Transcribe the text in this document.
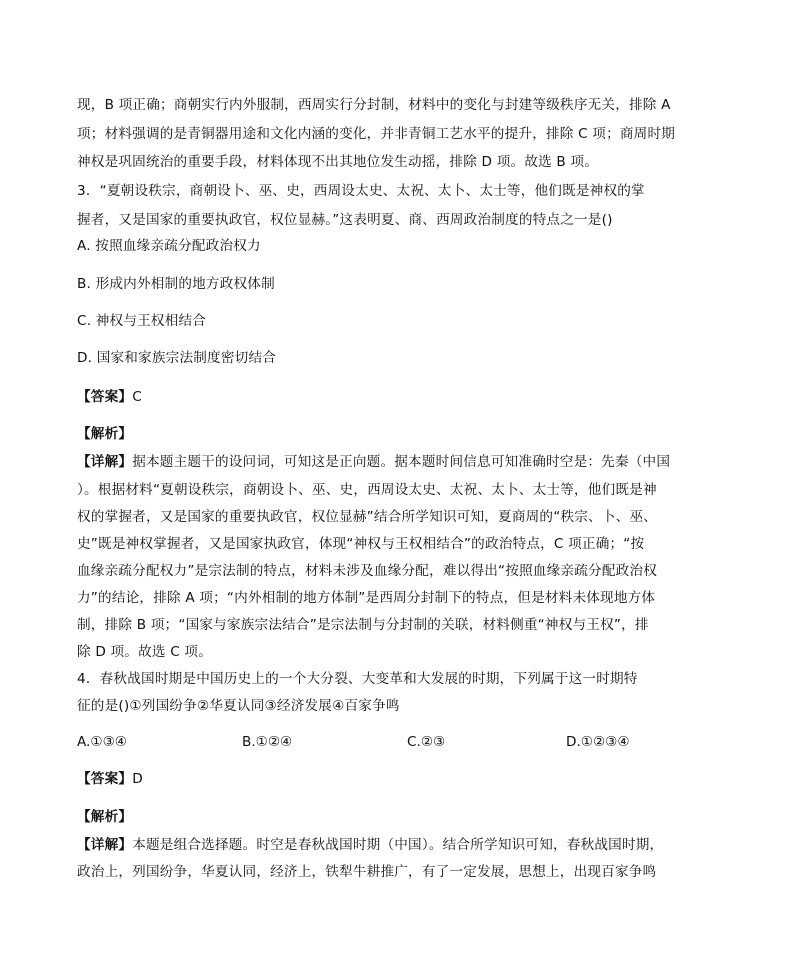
现，B 项正确；商朝实行内外服制，西周实行分封制，材料中的变化与封建等级秩序无关，排除 A
项；材料强调的是青铜器用途和文化内涵的变化，并非青铜工艺水平的提升，排除 C 项；商周时期
神权是巩固统治的重要手段，材料体现不出其地位发生动摇，排除 D 项。故选 B 项。
3．“夏朝设秩宗，商朝设卜、巫、史，西周设太史、太祝、太卜、太士等，他们既是神权的掌
握者，又是国家的重要执政官，权位显赫。”这表明夏、商、西周政治制度的特点之一是()
A. 按照血缘亲疏分配政治权力
B. 形成内外相制的地方政权体制
C. 神权与王权相结合
D. 国家和家族宗法制度密切结合
【答案】C
【解析】
【详解】据本题主题干的设问词，可知这是正向题。据本题时间信息可知准确时空是：先秦（中国
）。根据材料“夏朝设秩宗，商朝设卜、巫、史，西周设太史、太祝、太卜、太士等，他们既是神
权的掌握者，又是国家的重要执政官，权位显赫”结合所学知识可知，夏商周的“秩宗、卜、巫、
史”既是神权掌握者，又是国家执政官，体现“神权与王权相结合”的政治特点，C 项正确；“按
血缘亲疏分配权力”是宗法制的特点，材料未涉及血缘分配，难以得出“按照血缘亲疏分配政治权
力”的结论，排除 A 项；“内外相制的地方体制”是西周分封制下的特点，但是材料未体现地方体
制，排除 B 项；“国家与家族宗法结合”是宗法制与分封制的关联，材料侧重“神权与王权”，排
除 D 项。故选 C 项。
4．春秋战国时期是中国历史上的一个大分裂、大变革和大发展的时期，下列属于这一时期特
征的是()①列国纷争②华夏认同③经济发展④百家争鸣
A.①③④	B.①②④	C.②③	D.①②③④
【答案】D
【解析】
【详解】本题是组合选择题。时空是春秋战国时期（中国）。结合所学知识可知，春秋战国时期，
政治上，列国纷争，华夏认同，经济上，铁犁牛耕推广，有了一定发展，思想上，出现百家争鸣
